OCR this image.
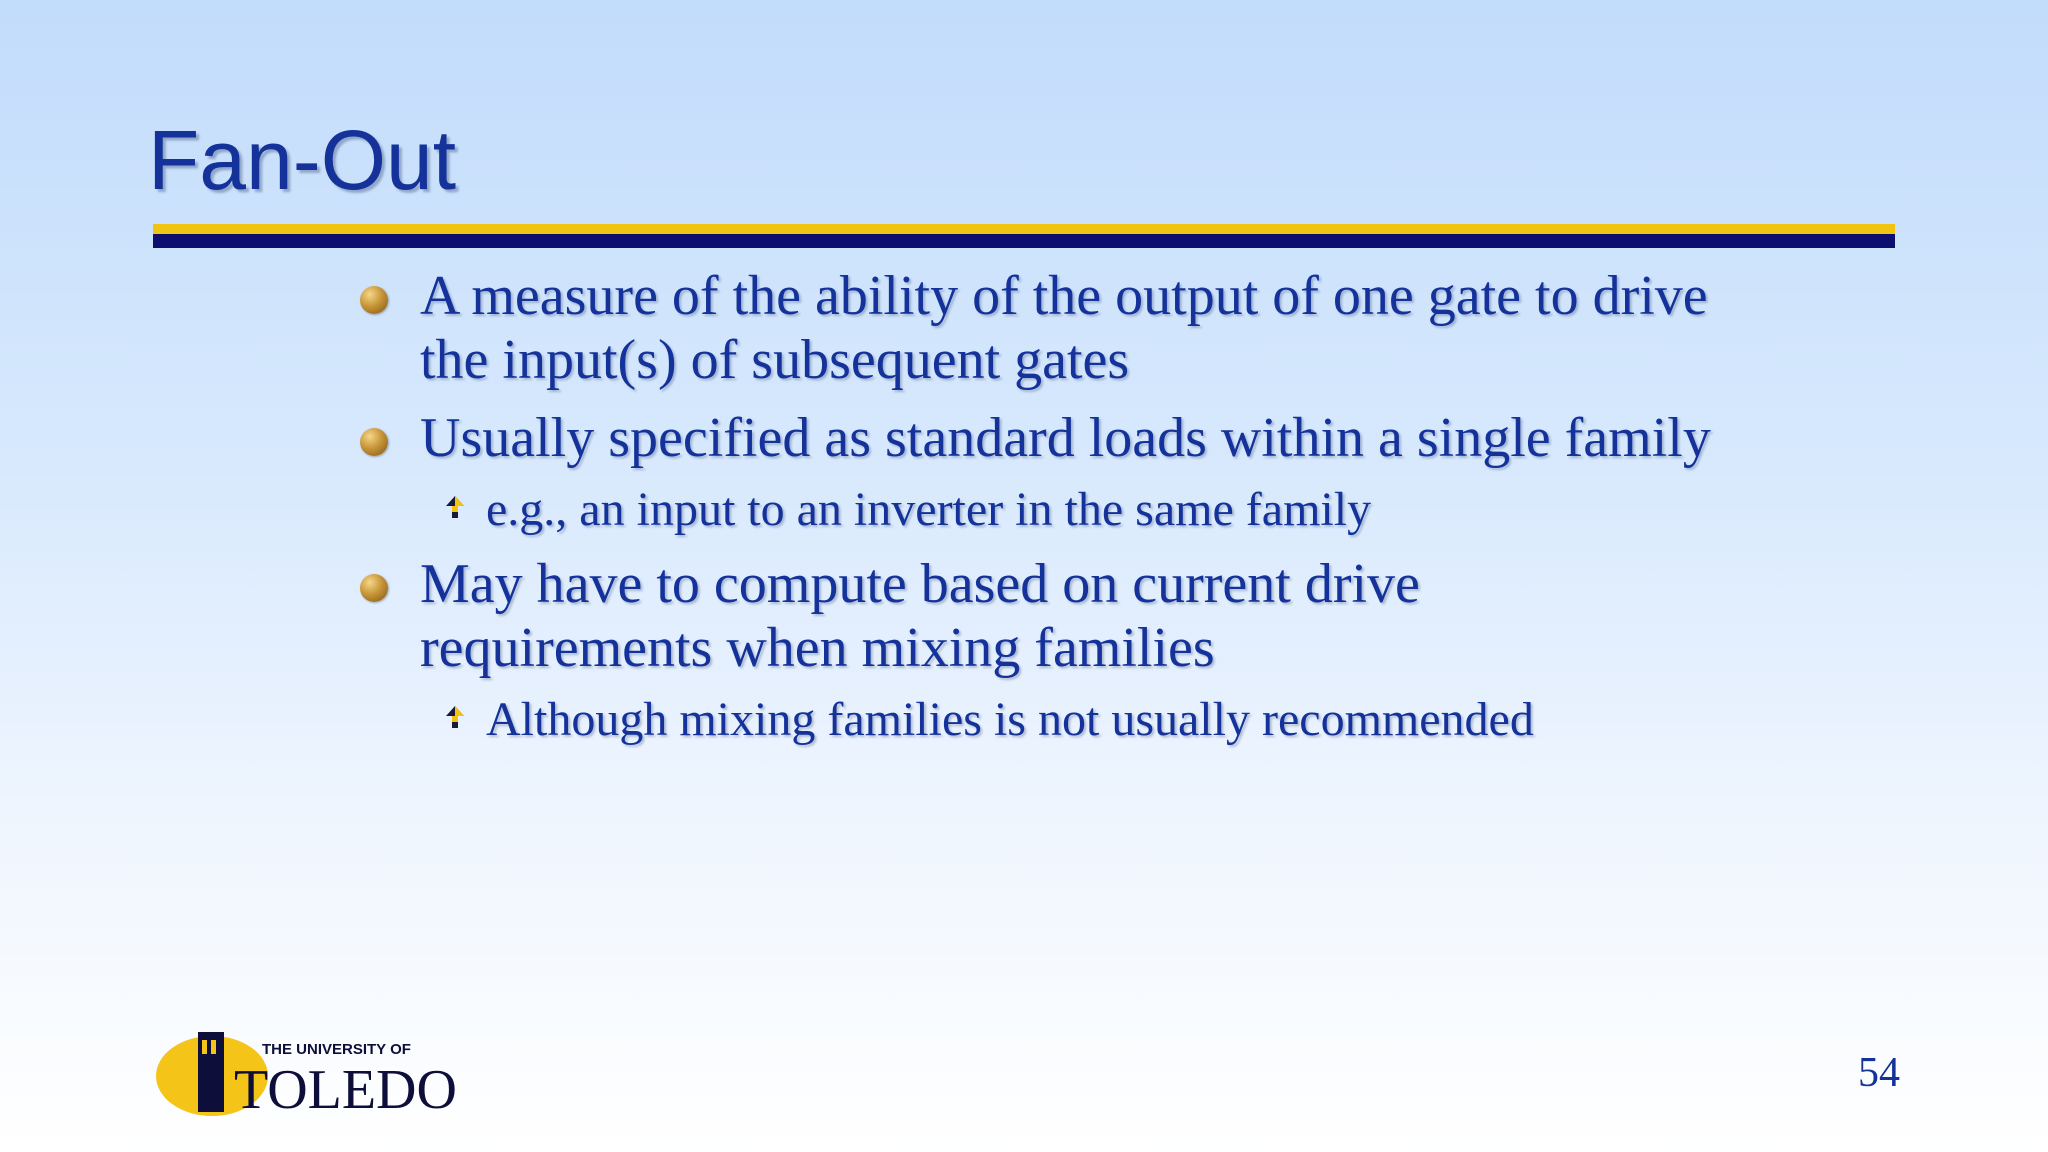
Fan-Out
A measure of the ability of the output of one gate to drive the input(s) of subsequent gates
Usually specified as standard loads within a single family
e.g., an input to an inverter in the same family
May have to compute based on current drive requirements when mixing families
Although mixing families is not usually recommended
THE UNIVERSITY OF
TOLEDO	54
